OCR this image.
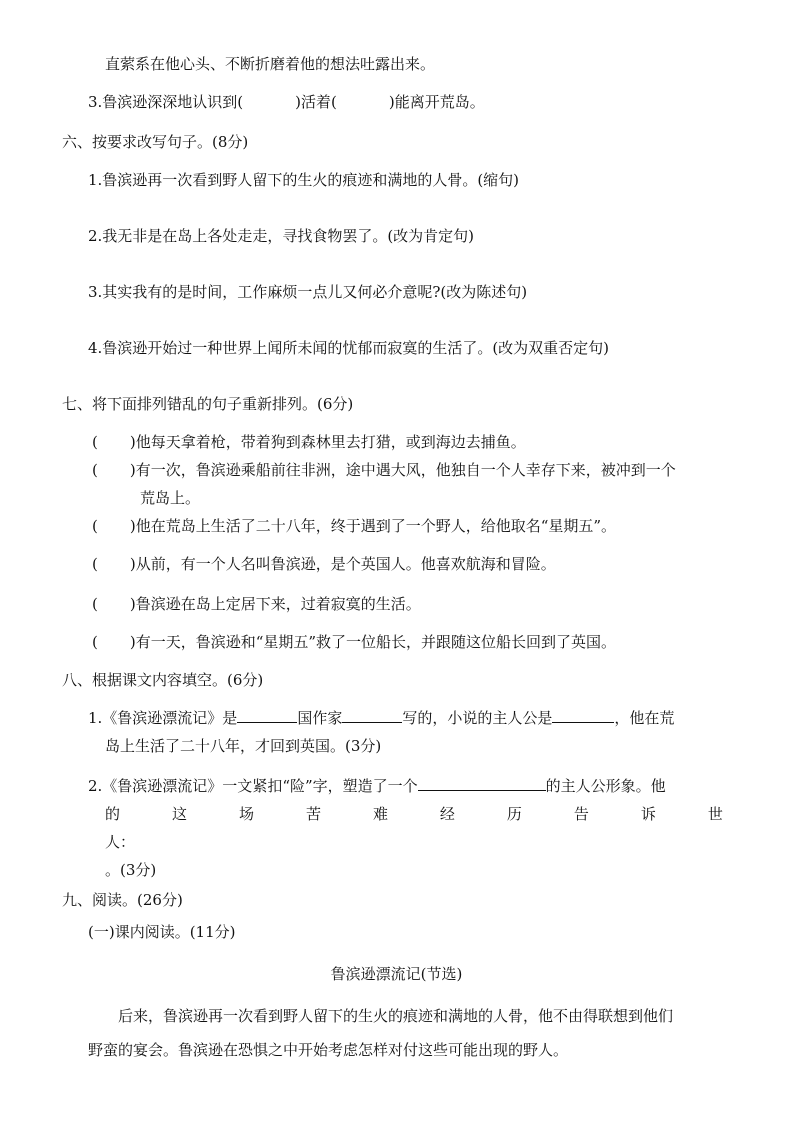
直萦系在他心头、不断折磨着他的想法吐露出来。
3.鲁滨逊深深地认识到(	)活着(	)能离开荒岛。
六、按要求改写句子。(8分)
1.鲁滨逊再一次看到野人留下的生火的痕迹和满地的人骨。(缩句)
2.我无非是在岛上各处走走，寻找食物罢了。(改为肯定句)
3.其实我有的是时间，工作麻烦一点儿又何必介意呢?(改为陈述句)
4.鲁滨逊开始过一种世界上闻所未闻的忧郁而寂寞的生活了。(改为双重否定句)
七、将下面排列错乱的句子重新排列。(6分)
( )他每天拿着枪，带着狗到森林里去打猎，或到海边去捕鱼。
( )有一次，鲁滨逊乘船前往非洲，途中遇大风，他独自一个人幸存下来，被冲到一个
荒岛上。
( )他在荒岛上生活了二十八年，终于遇到了一个野人，给他取名“星期五”。
( )从前，有一个人名叫鲁滨逊，是个英国人。他喜欢航海和冒险。
( )鲁滨逊在岛上定居下来，过着寂寞的生活。
( )有一天，鲁滨逊和“星期五”救了一位船长，并跟随这位船长回到了英国。
八、根据课文内容填空。(6分)
1.《鲁滨逊漂流记》是	国作家	写的，小说的主人公是	，他在荒
岛上生活了二十八年，才回到英国。(3分)
2.《鲁滨逊漂流记》一文紧扣“险”字，塑造了一个	的主人公形象。他
的	这	场	苦	难	经	历	告	诉	世
人：
。(3分)
九、阅读。(26分)
(一)课内阅读。(11分)
鲁滨逊漂流记(节选)
后来，鲁滨逊再一次看到野人留下的生火的痕迹和满地的人骨，他不由得联想到他们
野蛮的宴会。鲁滨逊在恐惧之中开始考虑怎样对付这些可能出现的野人。
